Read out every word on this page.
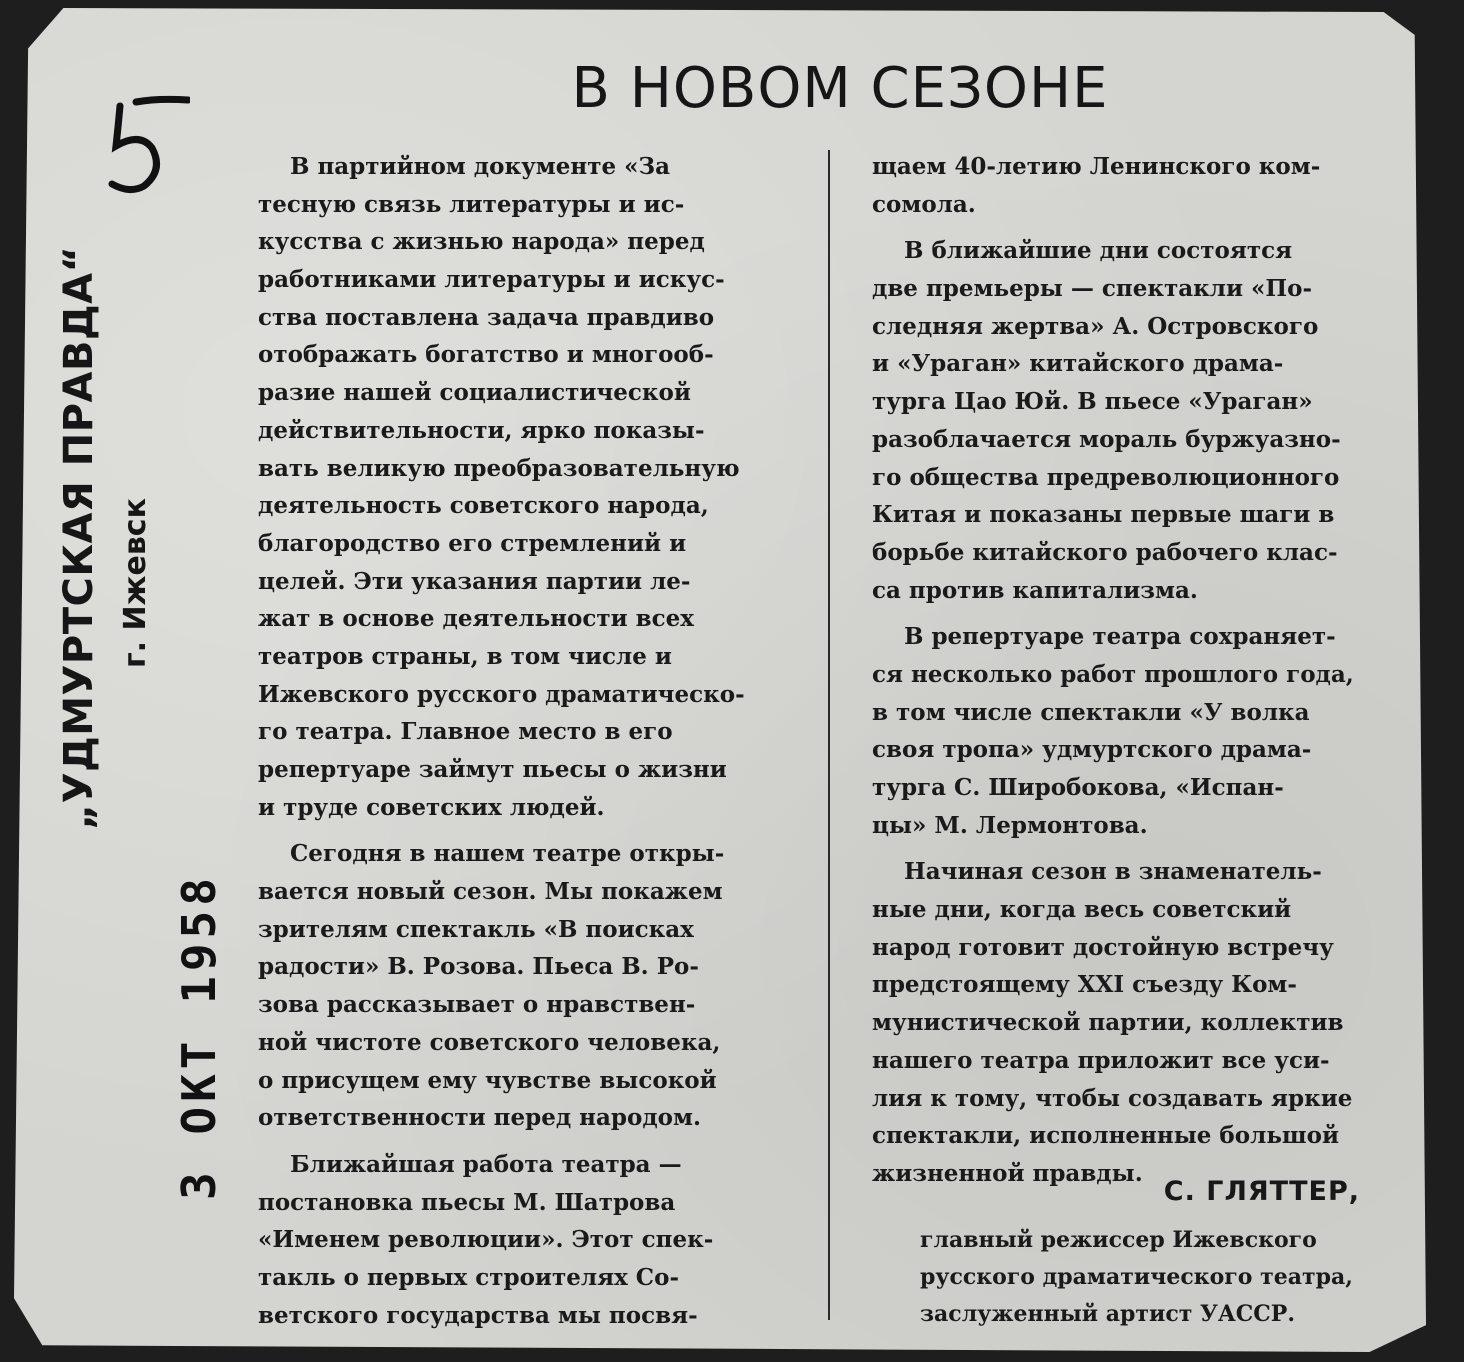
В НОВОМ СЕЗОНЕ
В партийном документе «За
тесную связь литературы и ис-
кусства с жизнью народа» перед
работниками литературы и искус-
ства поставлена задача правдиво
отображать богатство и многооб-
разие нашей социалистической
действительности, ярко показы-
вать великую преобразовательную
деятельность советского народа,
благородство его стремлений и
целей. Эти указания партии ле-
жат в основе деятельности всех
театров страны, в том числе и
Ижевского русского драматическо-
го театра. Главное место в его
репертуаре займут пьесы о жизни
и труде советских людей.
Сегодня в нашем театре откры-
вается новый сезон. Мы покажем
зрителям спектакль «В поисках
радости» В. Розова. Пьеса В. Ро-
зова рассказывает о нравствен-
ной чистоте советского человека,
о присущем ему чувстве высокой
ответственности перед народом.
Ближайшая работа театра —
постановка пьесы М. Шатрова
«Именем революции». Этот спек-
такль о первых строителях Со-
ветского государства мы посвя-
щаем 40-летию Ленинского ком-
сомола.
В ближайшие дни состоятся
две премьеры — спектакли «По-
следняя жертва» А. Островского
и «Ураган» китайского драма-
турга Цао Юй. В пьесе «Ураган»
разоблачается мораль буржуазно-
го общества предреволюционного
Китая и показаны первые шаги в
борьбе китайского рабочего клас-
са против капитализма.
В репертуаре театра сохраняет-
ся несколько работ прошлого года,
в том числе спектакли «У волка
своя тропа» удмуртского драма-
турга С. Широбокова, «Испан-
цы» М. Лермонтова.
Начиная сезон в знаменатель-
ные дни, когда весь советский
народ готовит достойную встречу
предстоящему XXI съезду Ком-
мунистической партии, коллектив
нашего театра приложит все уси-
лия к тому, чтобы создавать яркие
спектакли, исполненные большой
жизненной правды.
С. ГЛЯТТЕР,
главный режиссер Ижевского
русского драматического театра,
заслуженный артист УАССР.
„УДМУРТСКАЯ ПРАВДА“ г. Ижевск
3 ОКТ 1958
